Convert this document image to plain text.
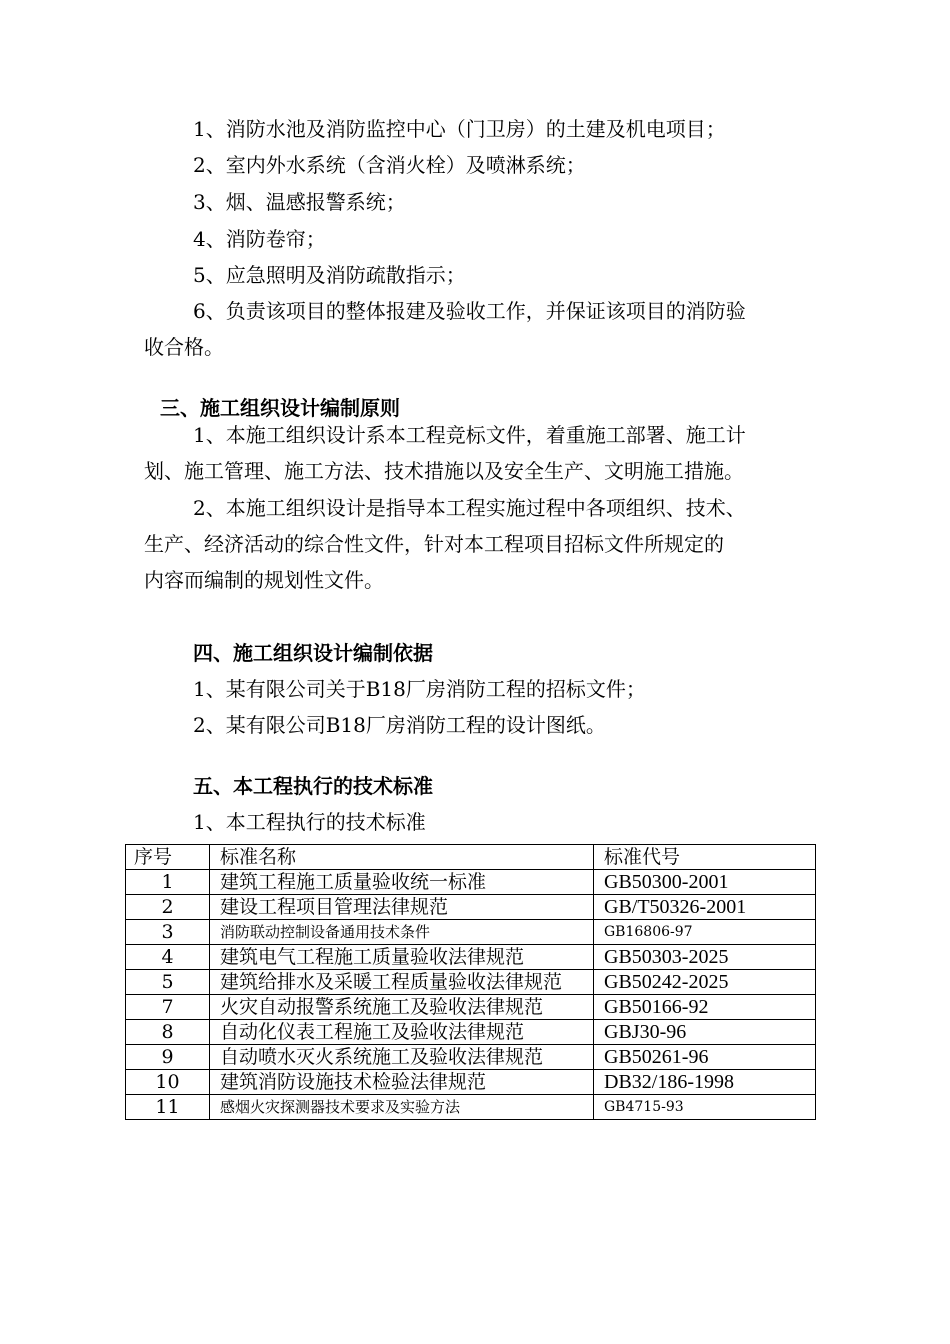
1、消防水池及消防监控中心（门卫房）的土建及机电项目；
2、室内外水系统（含消火栓）及喷淋系统；
3、烟、温感报警系统；
4、消防卷帘；
5、应急照明及消防疏散指示；
6、负责该项目的整体报建及验收工作，并保证该项目的消防验
收合格。
三、施工组织设计编制原则
1、本施工组织设计系本工程竞标文件，着重施工部署、施工计
划、施工管理、施工方法、技术措施以及安全生产、文明施工措施。
2、本施工组织设计是指导本工程实施过程中各项组织、技术、
生产、经济活动的综合性文件，针对本工程项目招标文件所规定的
内容而编制的规划性文件。
四、施工组织设计编制依据
1、某有限公司关于B18厂房消防工程的招标文件；
2、某有限公司B18厂房消防工程的设计图纸。
五、本工程执行的技术标准
1、本工程执行的技术标准
序号	标准名称	标准代号
1	建筑工程施工质量验收统一标准	GB50300-2001
2	建设工程项目管理法律规范	GB/T50326-2001
3	消防联动控制设备通用技术条件	GB16806-97
4	建筑电气工程施工质量验收法律规范	GB50303-2025
5	建筑给排水及采暖工程质量验收法律规范	GB50242-2025
7	火灾自动报警系统施工及验收法律规范	GB50166-92
8	自动化仪表工程施工及验收法律规范	GBJ30-96
9	自动喷水灭火系统施工及验收法律规范	GB50261-96
10	建筑消防设施技术检验法律规范	DB32/186-1998
11	感烟火灾探测器技术要求及实验方法	GB4715-93
